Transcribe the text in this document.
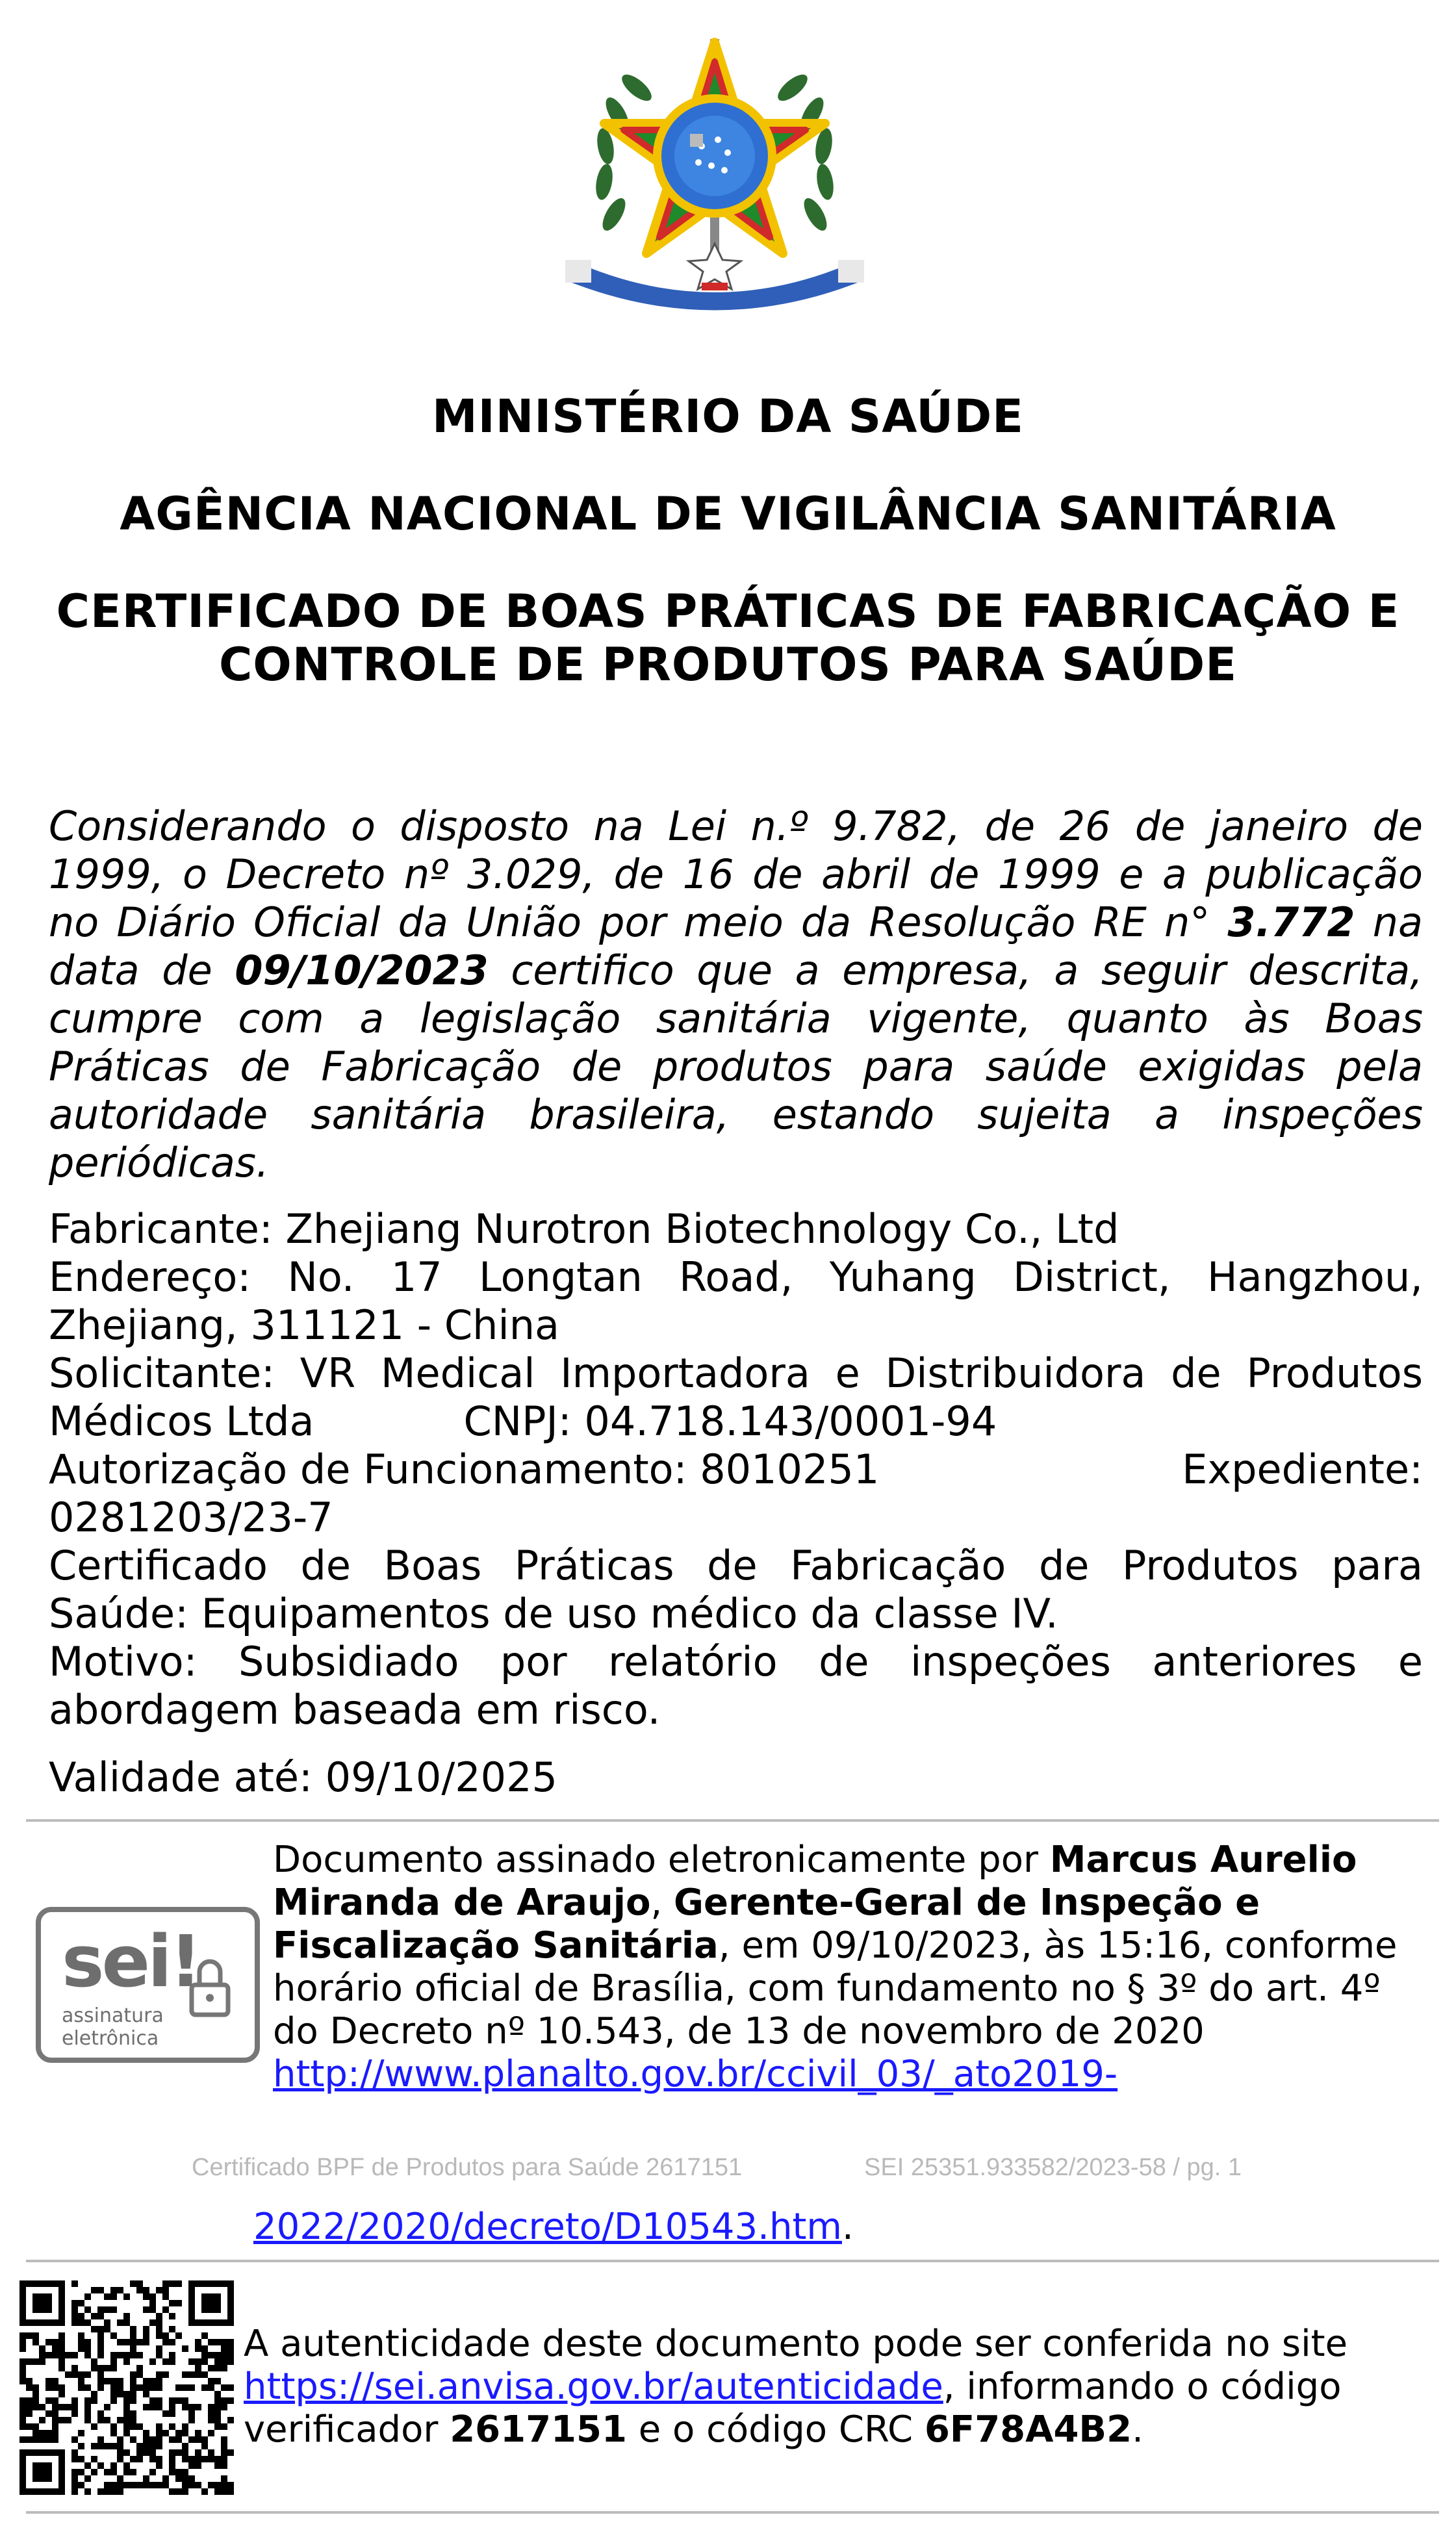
MINISTÉRIO DA SAÚDE
AGÊNCIA NACIONAL DE VIGILÂNCIA SANITÁRIA
CERTIFICADO DE BOAS PRÁTICAS DE FABRICAÇÃO E
CONTROLE DE PRODUTOS PARA SAÚDE
Considerando o disposto na Lei n.º 9.782, de 26 de janeiro de
1999, o Decreto nº 3.029, de 16 de abril de 1999 e a publicação
no Diário Oficial da União por meio da Resolução RE n° 3.772 na
data de 09/10/2023 certifico que a empresa, a seguir descrita,
cumpre com a legislação sanitária vigente, quanto às Boas
Práticas de Fabricação de produtos para saúde exigidas pela
autoridade sanitária brasileira, estando sujeita a inspeções
periódicas.
Fabricante: Zhejiang Nurotron Biotechnology Co., Ltd
Endereço: No. 17 Longtan Road, Yuhang District, Hangzhou,
Zhejiang, 311121 - China
Solicitante: VR Medical Importadora e Distribuidora de Produtos
Médicos Ltda	CNPJ: 04.718.143/0001-94
Autorização de Funcionamento: 8010251	Expediente:
0281203/23-7
Certificado de Boas Práticas de Fabricação de Produtos para
Saúde: Equipamentos de uso médico da classe IV.
Motivo: Subsidiado por relatório de inspeções anteriores e
abordagem baseada em risco.
Validade até: 09/10/2025
sei!
assinatura
eletrônica
Documento assinado eletronicamente por Marcus Aurelio
Miranda de Araujo, Gerente-Geral de Inspeção e
Fiscalização Sanitária, em 09/10/2023, às 15:16, conforme
horário oficial de Brasília, com fundamento no § 3º do art. 4º
do Decreto nº 10.543, de 13 de novembro de 2020
http://www.planalto.gov.br/ccivil_03/_ato2019-
Certificado BPF de Produtos para Saúde 2617151	SEI 25351.933582/2023-58 / pg. 1
2022/2020/decreto/D10543.htm.
A autenticidade deste documento pode ser conferida no site
https://sei.anvisa.gov.br/autenticidade, informando o código
verificador 2617151 e o código CRC 6F78A4B2.
